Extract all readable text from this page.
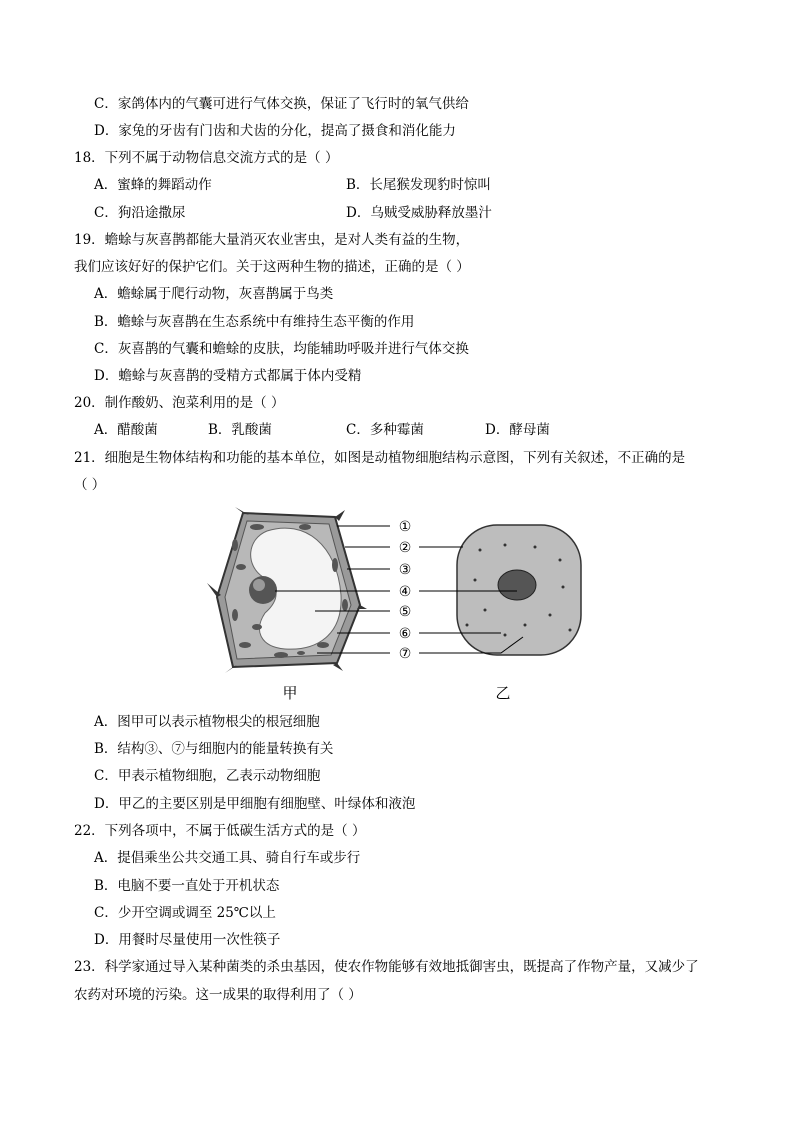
C．家鸽体内的气囊可进行气体交换，保证了飞行时的氧气供给
D．家兔的牙齿有门齿和犬齿的分化，提高了摄食和消化能力
18．下列不属于动物信息交流方式的是（ ）
A．蜜蜂的舞蹈动作	B．长尾猴发现豹时惊叫
C．狗沿途撒尿	D．乌贼受威胁释放墨汁
19．蟾蜍与灰喜鹊都能大量消灭农业害虫，是对人类有益的生物，
我们应该好好的保护它们。关于这两种生物的描述，正确的是（ ）
A．蟾蜍属于爬行动物，灰喜鹊属于鸟类
B．蟾蜍与灰喜鹊在生态系统中有维持生态平衡的作用
C．灰喜鹊的气囊和蟾蜍的皮肤，均能辅助呼吸并进行气体交换
D．蟾蜍与灰喜鹊的受精方式都属于体内受精
20．制作酸奶、泡菜利用的是（ ）
A．醋酸菌	B．乳酸菌	C．多种霉菌	D．酵母菌
21．细胞是生物体结构和功能的基本单位，如图是动植物细胞结构示意图，下列有关叙述，不正确的是
（ ）
①
②
③
④
⑤
⑥
⑦
甲	乙
A．图甲可以表示植物根尖的根冠细胞
B．结构③、⑦与细胞内的能量转换有关
C．甲表示植物细胞，乙表示动物细胞
D．甲乙的主要区别是甲细胞有细胞壁、叶绿体和液泡
22．下列各项中，不属于低碳生活方式的是（ ）
A．提倡乘坐公共交通工具、骑自行车或步行
B．电脑不要一直处于开机状态
C．少开空调或调至 25℃以上
D．用餐时尽量使用一次性筷子
23．科学家通过导入某种菌类的杀虫基因，使农作物能够有效地抵御害虫，既提高了作物产量，又减少了
农药对环境的污染。这一成果的取得利用了（ ）
